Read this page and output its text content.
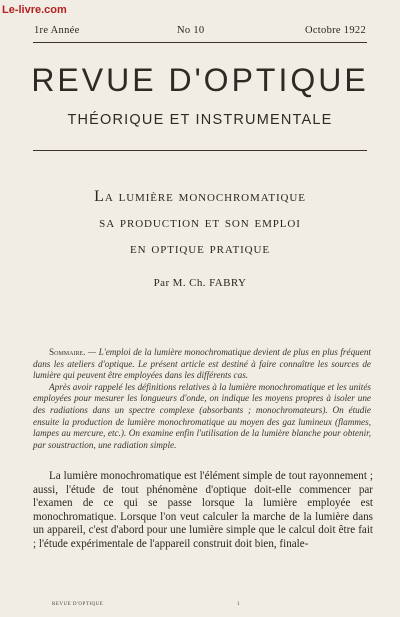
Le-livre.com
1re Année	No 10	Octobre 1922
REVUE D'OPTIQUE
THÉORIQUE ET INSTRUMENTALE
La lumière monochromatique
sa production et son emploi
en optique pratique
Par M. Ch. FABRY

Sommaire. — L'emploi de la lumière monochromatique devient de plus en plus fréquent dans les ateliers d'optique. Le présent article est destiné à faire connaître les sources de lumière qui peuvent être employées dans les différents cas.

Après avoir rappelé les définitions relatives à la lumière monochromatique et les unités employées pour mesurer les longueurs d'onde, on indique les moyens propres à isoler une des radiations dans un spectre complexe (absorbants ; monochromateurs). On étudie ensuite la production de lumière monochromatique au moyen des gaz lumineux (flammes, lampes au mercure, etc.). On examine enfin l'utilisation de la lumière blanche pour obtenir, par soustraction, une radiation simple.

La lumière monochromatique est l'élément simple de tout rayonnement ; aussi, l'étude de tout phénomène d'optique doit-elle commencer par l'examen de ce qui se passe lorsque la lumière employée est monochromatique. Lorsque l'on veut calculer la marche de la lumière dans un appareil, c'est d'abord pour une lumière simple que le calcul doit être fait ; l'étude expérimentale de l'appareil construit doit bien, finale-
REVUE D'OPTIQUE	1
